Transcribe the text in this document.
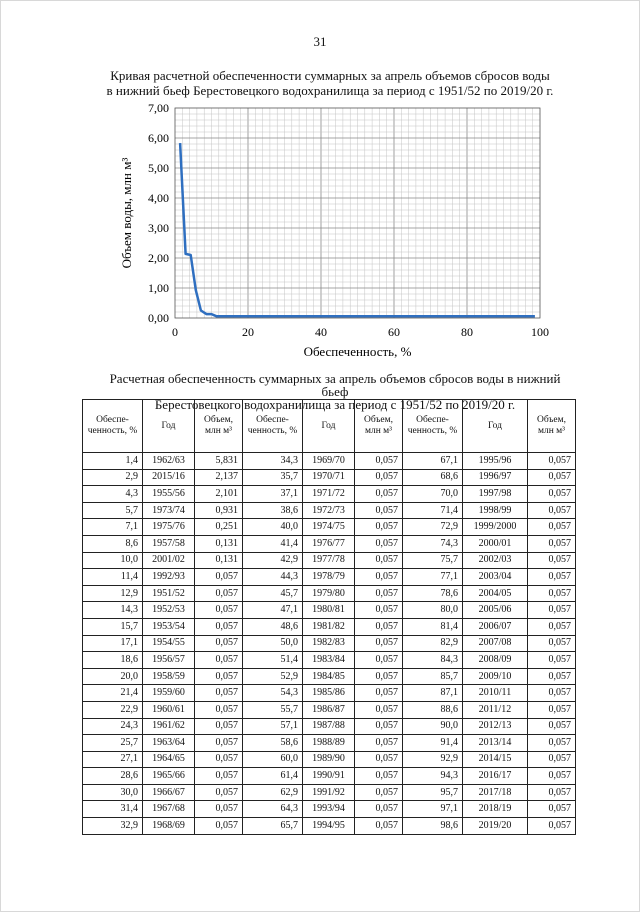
31
Кривая расчетной обеспеченности суммарных за апрель объемов сбросов воды
в нижний бьеф Берестовецкого водохранилища за период с 1951/52 по 2019/20 г.
0,00
1,00
2,00
3,00
4,00
5,00
6,00
7,00
0	20	40	60	80	100
Объем воды, млн м³
Обеспеченность, %
Расчетная обеспеченность суммарных за апрель объемов сбросов воды в нижний бьеф
Берестовецкого водохранилища за период с 1951/52 по 2019/20 г.
Обеспе-ченность, %	Год	Объем, млн м³	Обеспе-ченность, %	Год	Объем, млн м³	Обеспе-ченность, %	Год	Объем, млн м³
1,4	1962/63	5,831	34,3	1969/70	0,057	67,1	1995/96	0,057
2,9	2015/16	2,137	35,7	1970/71	0,057	68,6	1996/97	0,057
4,3	1955/56	2,101	37,1	1971/72	0,057	70,0	1997/98	0,057
5,7	1973/74	0,931	38,6	1972/73	0,057	71,4	1998/99	0,057
7,1	1975/76	0,251	40,0	1974/75	0,057	72,9	1999/2000	0,057
8,6	1957/58	0,131	41,4	1976/77	0,057	74,3	2000/01	0,057
10,0	2001/02	0,131	42,9	1977/78	0,057	75,7	2002/03	0,057
11,4	1992/93	0,057	44,3	1978/79	0,057	77,1	2003/04	0,057
12,9	1951/52	0,057	45,7	1979/80	0,057	78,6	2004/05	0,057
14,3	1952/53	0,057	47,1	1980/81	0,057	80,0	2005/06	0,057
15,7	1953/54	0,057	48,6	1981/82	0,057	81,4	2006/07	0,057
17,1	1954/55	0,057	50,0	1982/83	0,057	82,9	2007/08	0,057
18,6	1956/57	0,057	51,4	1983/84	0,057	84,3	2008/09	0,057
20,0	1958/59	0,057	52,9	1984/85	0,057	85,7	2009/10	0,057
21,4	1959/60	0,057	54,3	1985/86	0,057	87,1	2010/11	0,057
22,9	1960/61	0,057	55,7	1986/87	0,057	88,6	2011/12	0,057
24,3	1961/62	0,057	57,1	1987/88	0,057	90,0	2012/13	0,057
25,7	1963/64	0,057	58,6	1988/89	0,057	91,4	2013/14	0,057
27,1	1964/65	0,057	60,0	1989/90	0,057	92,9	2014/15	0,057
28,6	1965/66	0,057	61,4	1990/91	0,057	94,3	2016/17	0,057
30,0	1966/67	0,057	62,9	1991/92	0,057	95,7	2017/18	0,057
31,4	1967/68	0,057	64,3	1993/94	0,057	97,1	2018/19	0,057
32,9	1968/69	0,057	65,7	1994/95	0,057	98,6	2019/20	0,057
